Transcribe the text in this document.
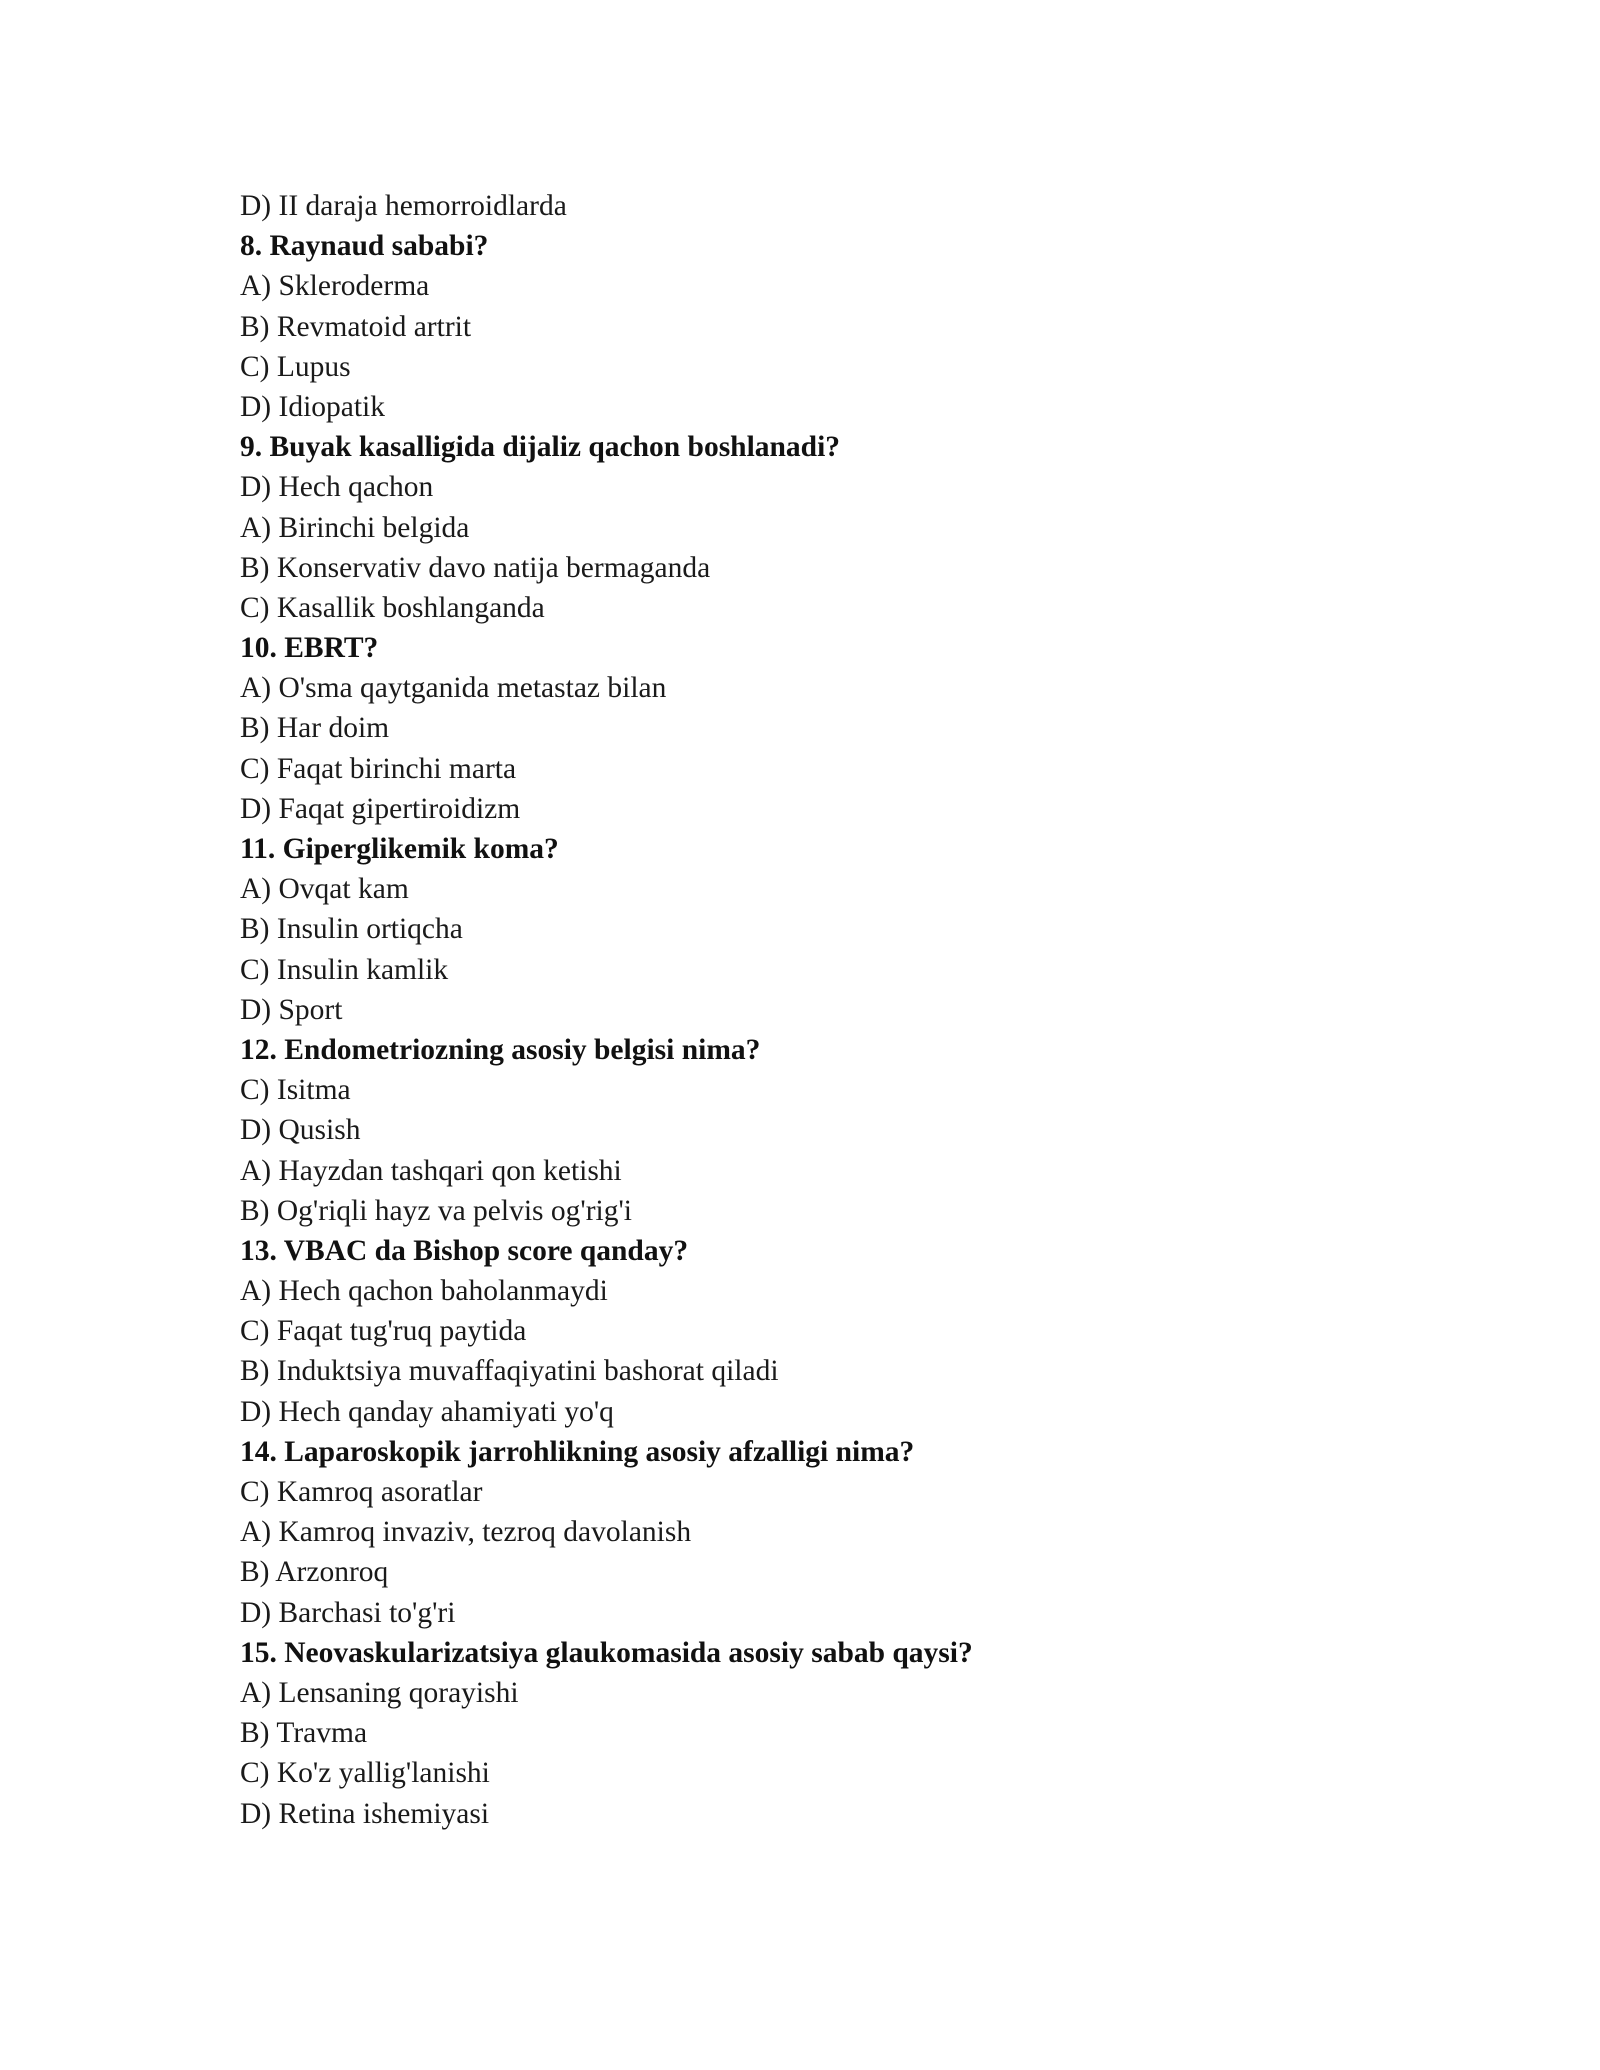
D) II daraja hemorroidlarda
8. Raynaud sababi?
A) Skleroderma
B) Revmatoid artrit
C) Lupus
D) Idiopatik
9. Buyak kasalligida dijaliz qachon boshlanadi?
D) Hech qachon
A) Birinchi belgida
B) Konservativ davo natija bermaganda
C) Kasallik boshlanganda
10. EBRT?
A) O'sma qaytganida metastaz bilan
B) Har doim
C) Faqat birinchi marta
D) Faqat gipertiroidizm
11. Giperglikemik koma?
A) Ovqat kam
B) Insulin ortiqcha
C) Insulin kamlik
D) Sport
12. Endometriozning asosiy belgisi nima?
C) Isitma
D) Qusish
A) Hayzdan tashqari qon ketishi
B) Og'riqli hayz va pelvis og'rig'i
13. VBAC da Bishop score qanday?
A) Hech qachon baholanmaydi
C) Faqat tug'ruq paytida
B) Induktsiya muvaffaqiyatini bashorat qiladi
D) Hech qanday ahamiyati yo'q
14. Laparoskopik jarrohlikning asosiy afzalligi nima?
C) Kamroq asoratlar
A) Kamroq invaziv, tezroq davolanish
B) Arzonroq
D) Barchasi to'g'ri
15. Neovaskularizatsiya glaukomasida asosiy sabab qaysi?
A) Lensaning qorayishi
B) Travma
C) Ko'z yallig'lanishi
D) Retina ishemiyasi
